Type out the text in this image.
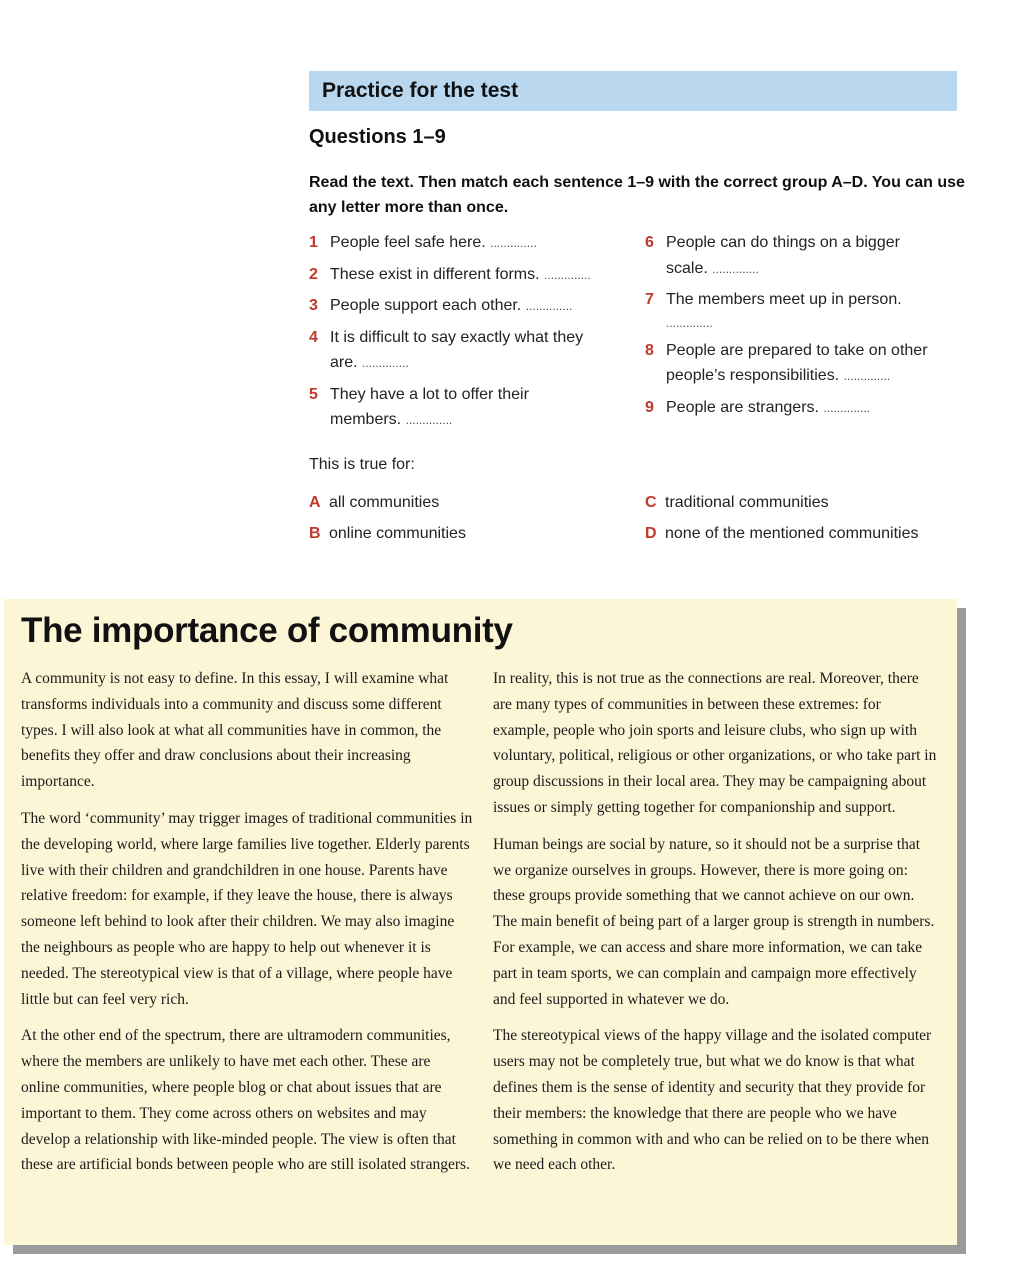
Practice for the test
Questions 1–9
Read the text. Then match each sentence 1–9 with the correct group A–D. You can use any letter more than once.
1 People feel safe here. ..............
2 These exist in different forms. ..............
3 People support each other. ..............
4 It is difficult to say exactly what they are. ..............
5 They have a lot to offer their members. ..............
6 People can do things on a bigger scale. ..............
7 The members meet up in person.
..............
8 People are prepared to take on other people’s responsibilities. ..............
9 People are strangers. ..............
This is true for:
A all communities
B online communities
C traditional communities
D none of the mentioned communities
The importance of community

A community is not easy to define. In this essay, I will examine what transforms individuals into a community and discuss some different types. I will also look at what all communities have in common, the benefits they offer and draw conclusions about their increasing importance.

The word ‘community’ may trigger images of traditional communities in the developing world, where large families live together. Elderly parents live with their children and grandchildren in one house. Parents have relative freedom: for example, if they leave the house, there is always someone left behind to look after their children. We may also imagine the neighbours as people who are happy to help out whenever it is needed. The stereotypical view is that of a village, where people have little but can feel very rich.

At the other end of the spectrum, there are ultramodern communities, where the members are unlikely to have met each other. These are online communities, where people blog or chat about issues that are important to them. They come across others on websites and may develop a relationship with like-minded people. The view is often that these are artificial bonds between people who are still isolated strangers.

In reality, this is not true as the connections are real. Moreover, there are many types of communities in between these extremes: for example, people who join sports and leisure clubs, who sign up with voluntary, political, religious or other organizations, or who take part in group discussions in their local area. They may be campaigning about issues or simply getting together for companionship and support.

Human beings are social by nature, so it should not be a surprise that we organize ourselves in groups. However, there is more going on: these groups provide something that we cannot achieve on our own. The main benefit of being part of a larger group is strength in numbers. For example, we can access and share more information, we can take part in team sports, we can complain and campaign more effectively and feel supported in whatever we do.

The stereotypical views of the happy village and the isolated computer users may not be completely true, but what we do know is that what defines them is the sense of identity and security that they provide for their members: the knowledge that there are people who we have something in common with and who can be relied on to be there when we need each other.
